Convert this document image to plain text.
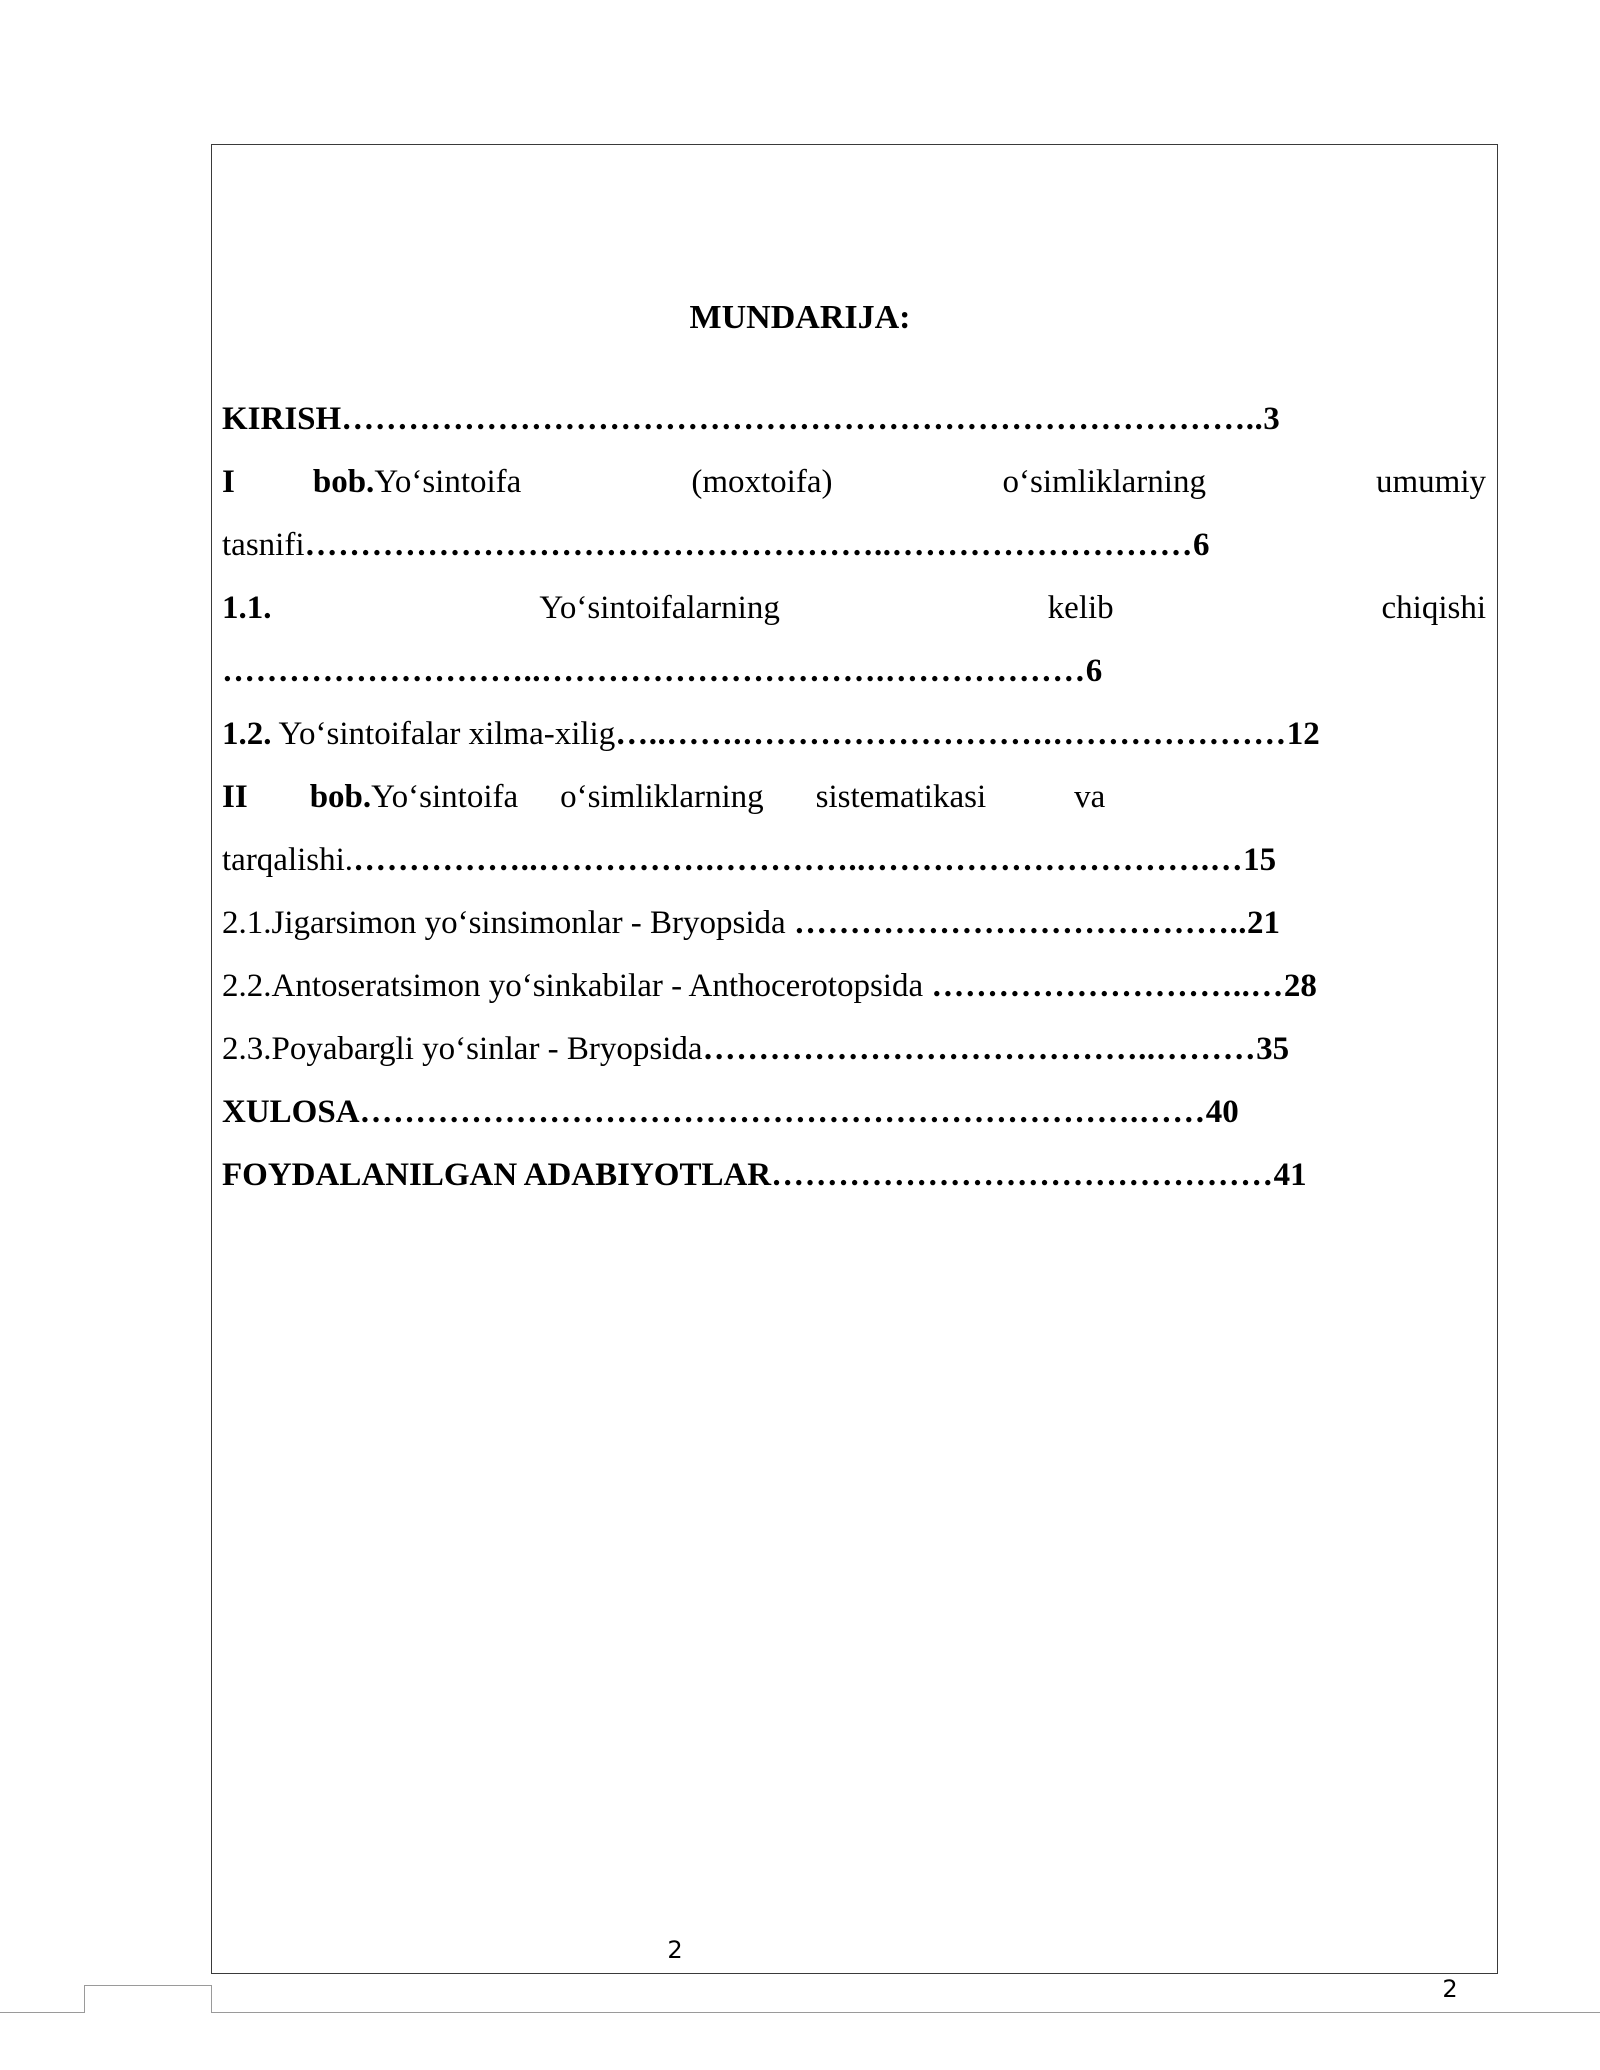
MUNDARIJA:
KIRISH ……………………………………………………………………….. 3
I bob.Yo‘sintoifa	(moxtoifa)	o‘simliklarning	umumiy
tasnifi ……………………………………………..……………………… 6
1.1.	Yo‘sintoifalarning	kelib	chiqishi
………………………..………………………….……………… 6
1.2. Yo‘sintoifalar xilma-xilig …..…….……………………….………………… 12
II bob. Yo‘sintoifa o‘simliklarning sistematikasi	va
tarqalishi. ……………..…………….…………..………………………….… 15
2.1.Jigarsimon yo‘sinsimonlar - Bryopsida ………………………………….. 21
2.2.Antoseratsimon yo‘sinkabilar - Anthocerotopsida ………………………..… 28
2.3.Poyabargli yo‘sinlar - Bryopsida …………………………………..……… 35
XULOSA …………………………………………………………….…… 40
FOYDALANILGAN ADABIYOTLAR ……………………………………… 41
2
2
